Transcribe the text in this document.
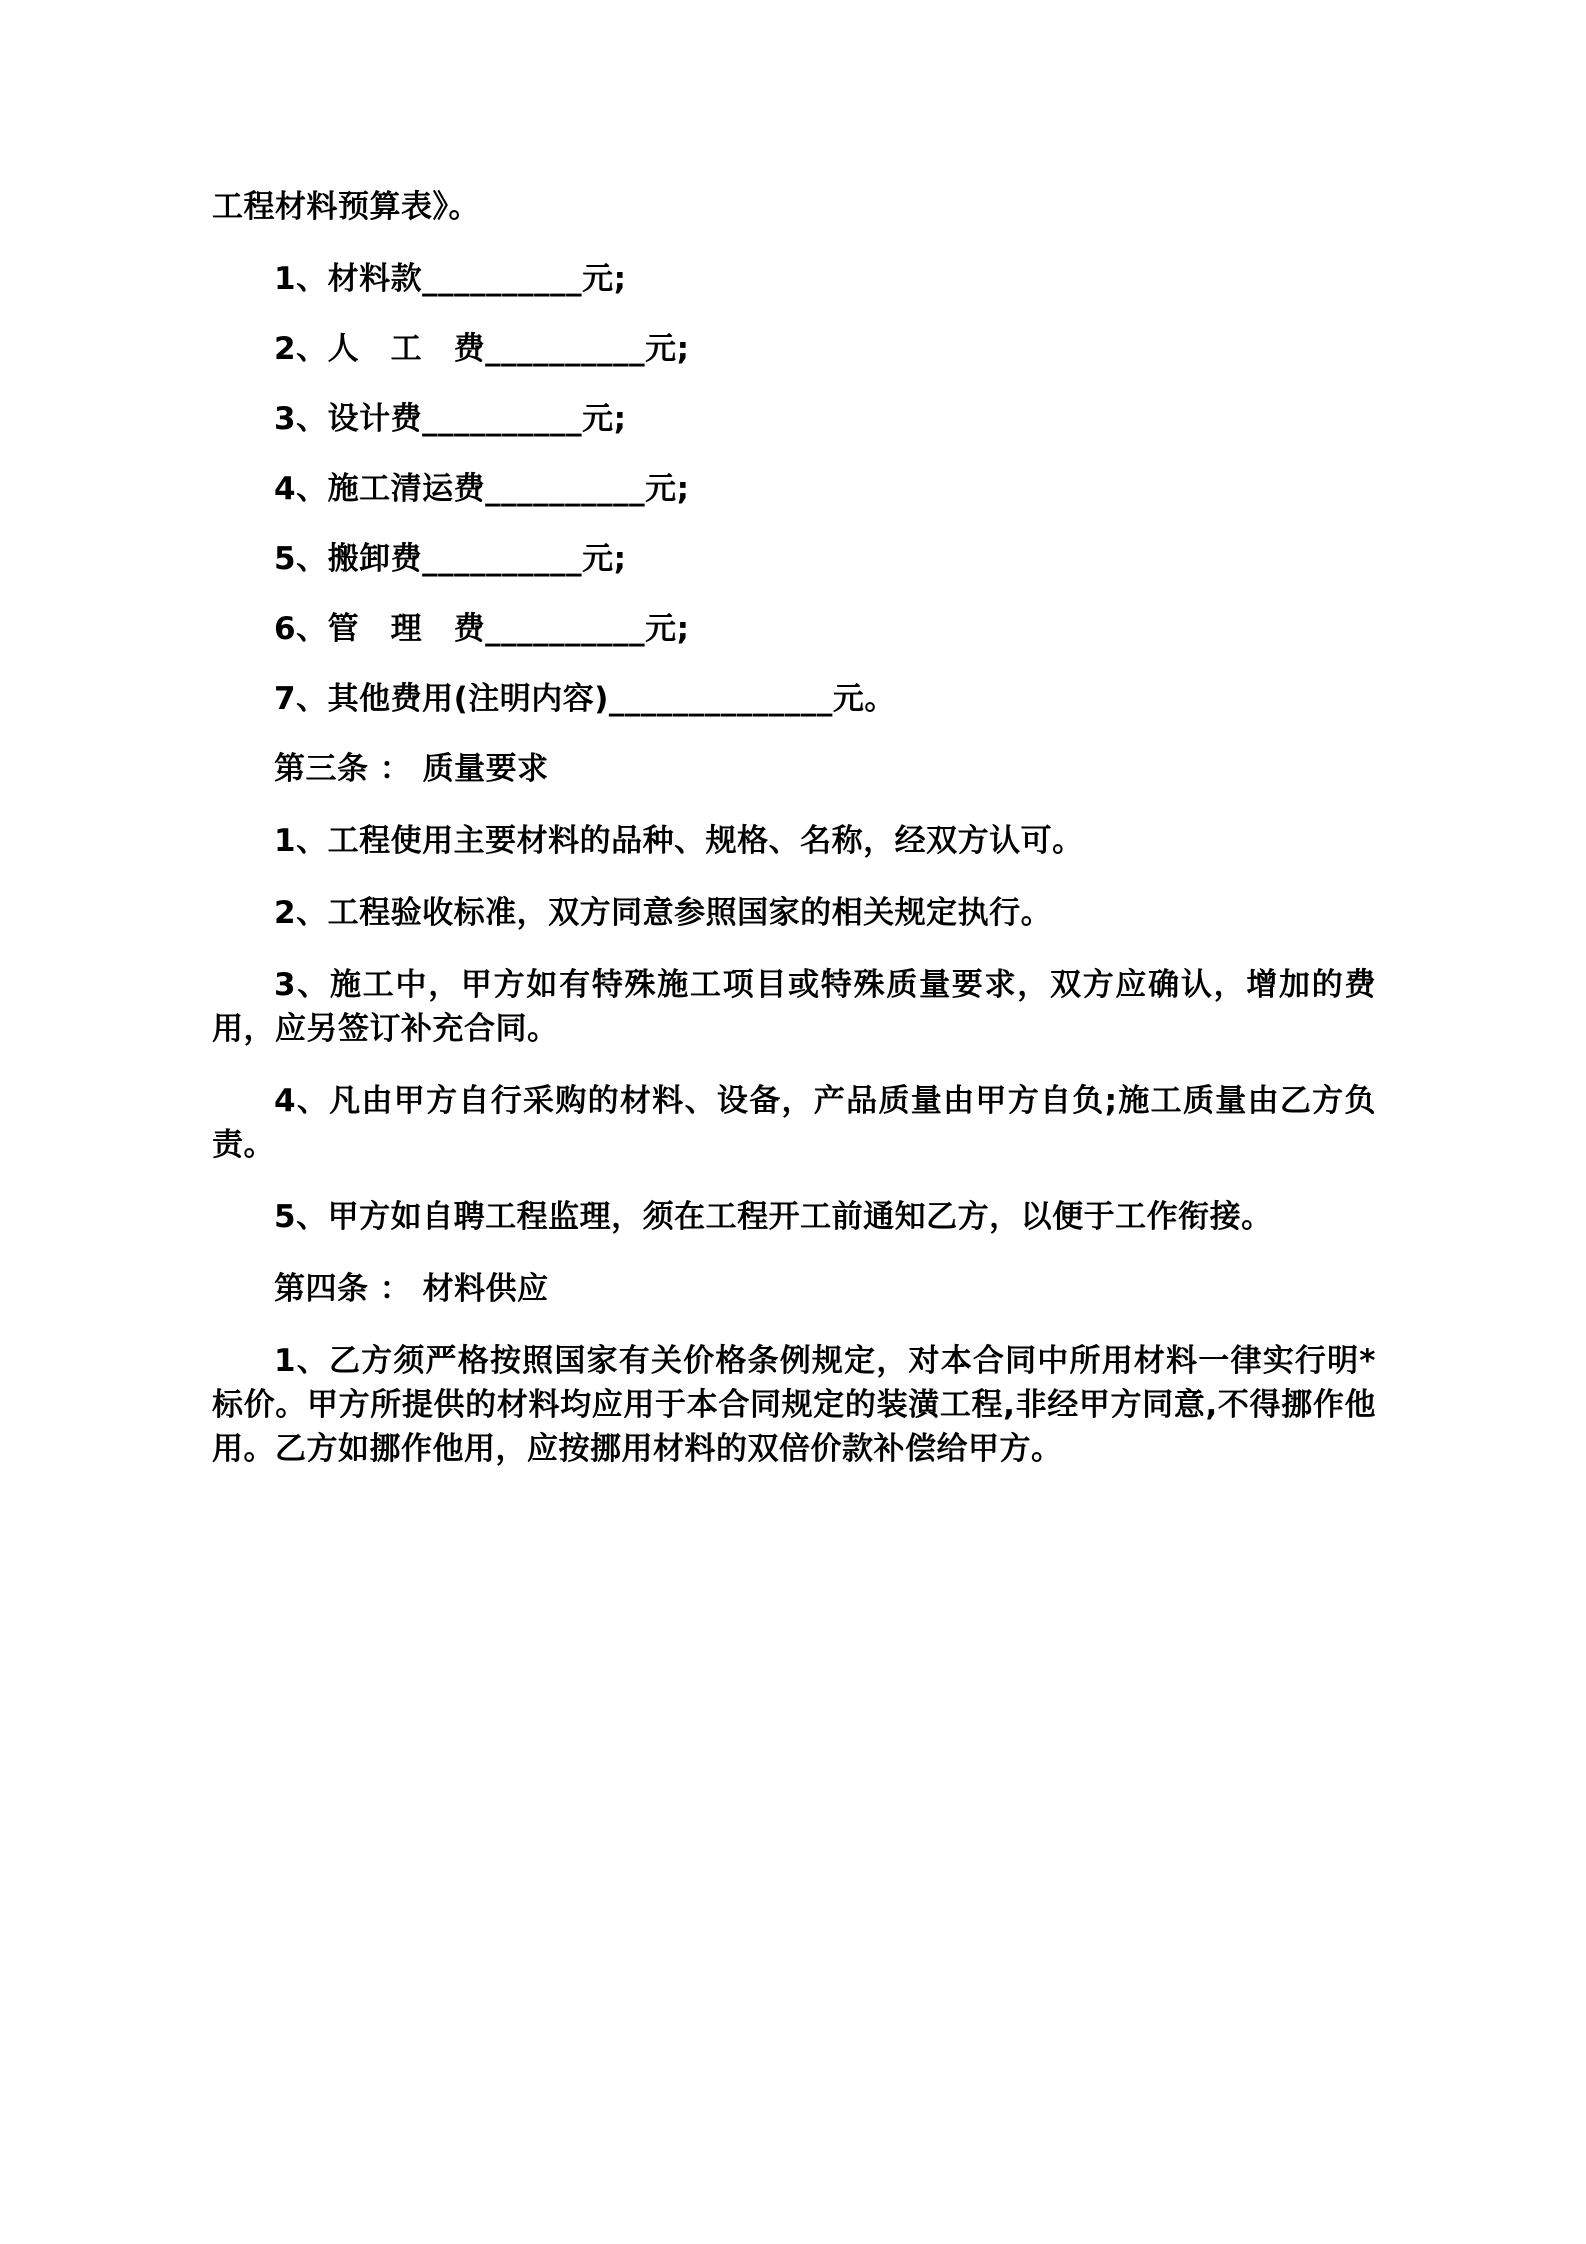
工程材料预算表》。

1、材料款__________元;

2、人　工　费__________元;

3、设计费__________元;

4、施工清运费__________元;

5、搬卸费__________元;

6、管　理　费__________元;

7、其他费用(注明内容)______________元。

第三条 ： 质量要求

1、工程使用主要材料的品种、规格、名称，经双方认可。

2、工程验收标准，双方同意参照国家的相关规定执行。

3、施工中，甲方如有特殊施工项目或特殊质量要求，双方应确认，增加的费用，应另签订补充合同。

4、凡由甲方自行采购的材料、设备，产品质量由甲方自负;施工质量由乙方负责。

5、甲方如自聘工程监理，须在工程开工前通知乙方，以便于工作衔接。

第四条 ： 材料供应

1、乙方须严格按照国家有关价格条例规定，对本合同中所用材料一律实行明*标价。甲方所提供的材料均应用于本合同规定的装潢工程,非经甲方同意,不得挪作他用。乙方如挪作他用，应按挪用材料的双倍价款补偿给甲方。
